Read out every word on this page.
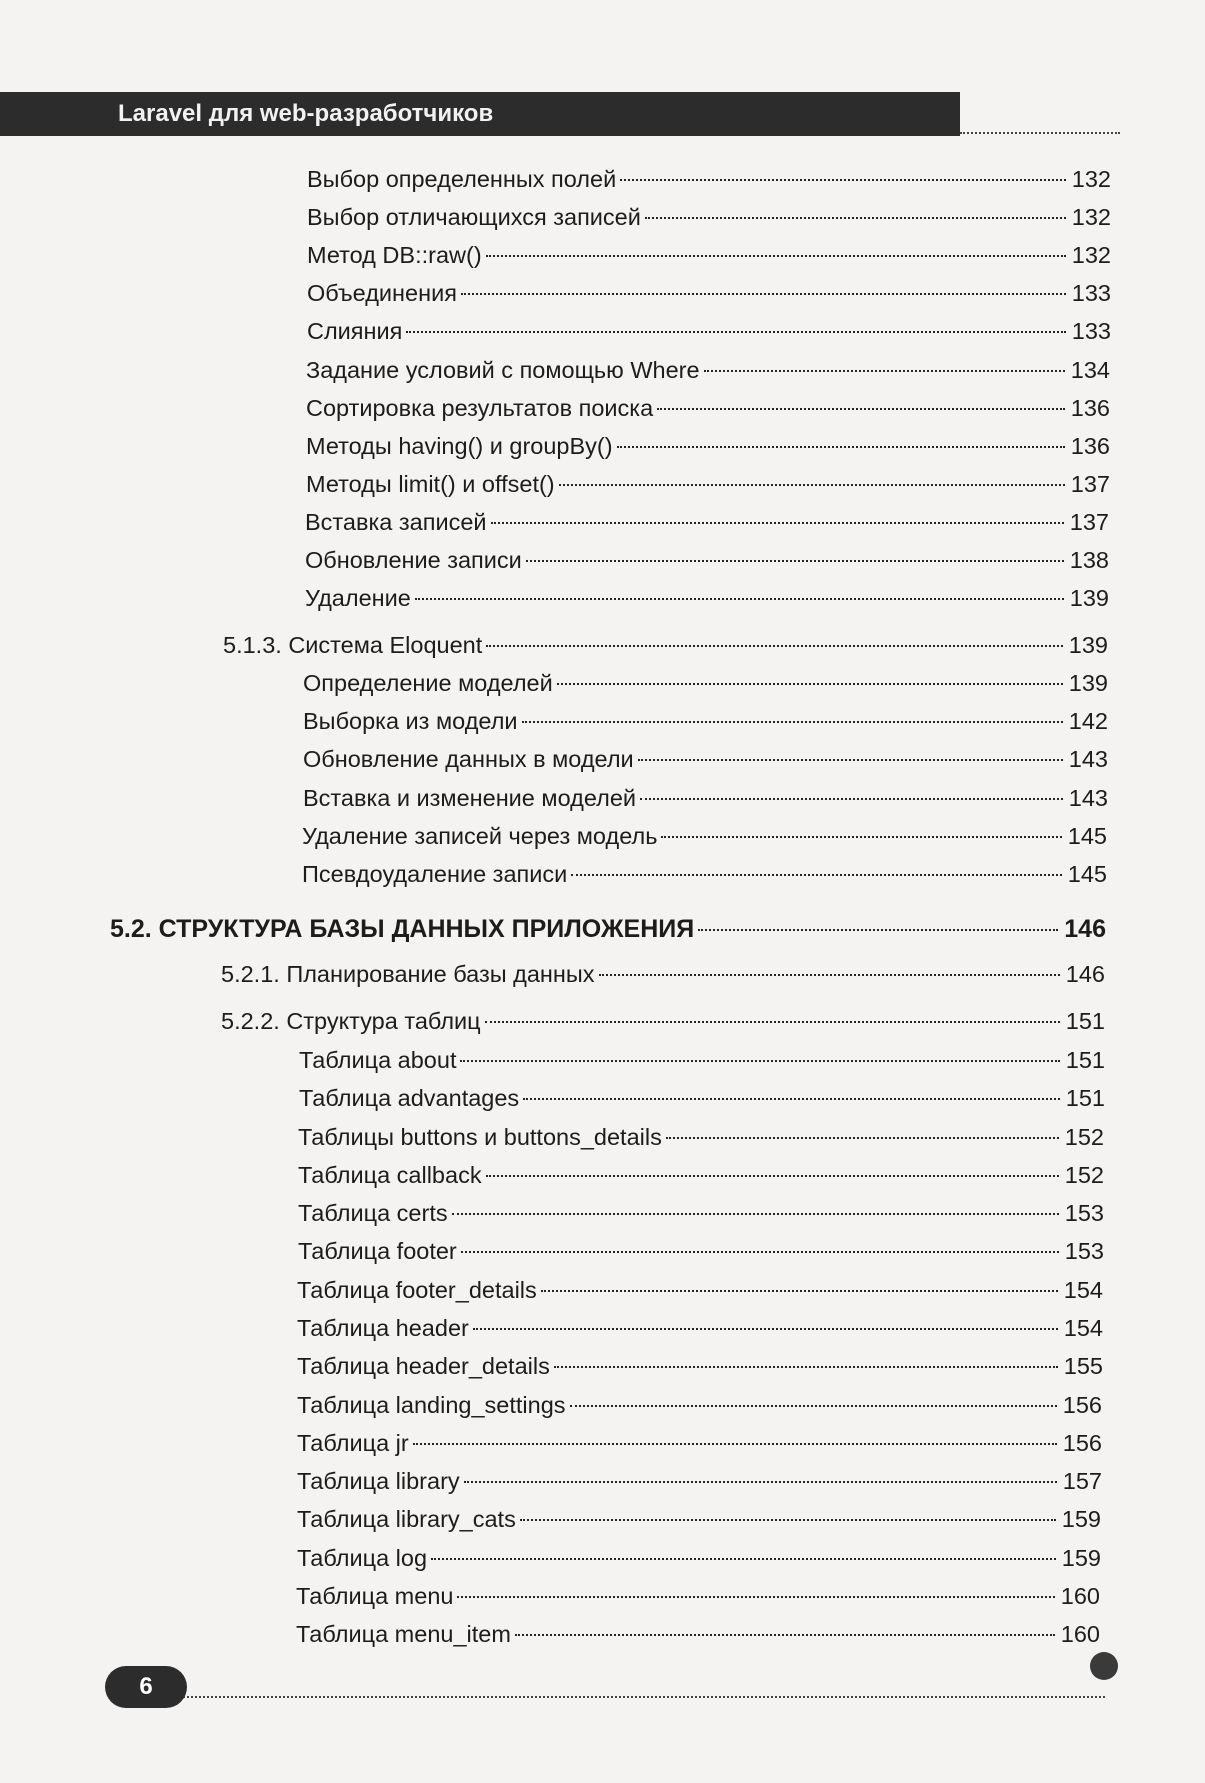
Laravel для web-разработчиков
Выбор определенных полей	132
Выбор отличающихся записей	132
Метод DB::raw()	132
Объединения	133
Слияния	133
Задание условий с помощью Where	134
Сортировка результатов поиска	136
Методы having() и groupBy()	136
Методы limit() и offset()	137
Вставка записей	137
Обновление записи	138
Удаление	139
5.1.3. Система Eloquent	139
Определение моделей	139
Выборка из модели	142
Обновление данных в модели	143
Вставка и изменение моделей	143
Удаление записей через модель	145
Псевдоудаление записи	145
5.2. СТРУКТУРА БАЗЫ ДАННЫХ ПРИЛОЖЕНИЯ	146
5.2.1. Планирование базы данных	146
5.2.2. Структура таблиц	151
Таблица about	151
Таблица advantages	151
Таблицы buttons и buttons_details	152
Таблица callback	152
Таблица certs	153
Таблица footer	153
Таблица footer_details	154
Таблица header	154
Таблица header_details	155
Таблица landing_settings	156
Таблица jr	156
Таблица library	157
Таблица library_cats	159
Таблица log	159
Таблица menu	160
Таблица menu_item	160
6
